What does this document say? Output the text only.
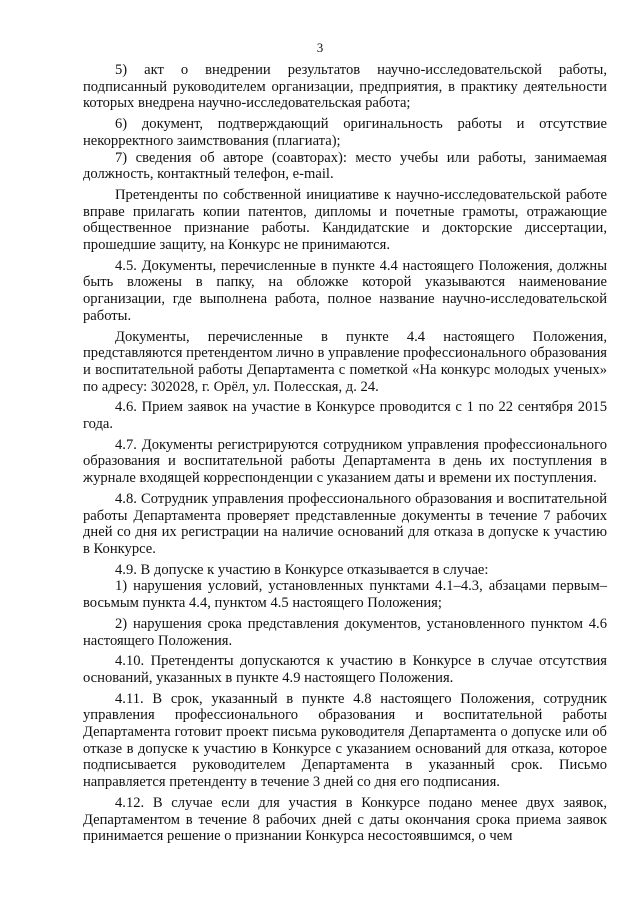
3

5) акт о внедрении результатов научно-исследовательской работы, подписанный руководителем организации, предприятия, в практику деятельности которых внедрена научно-исследовательская работа;

6) документ, подтверждающий оригинальность работы и отсутствие некорректного заимствования (плагиата);

7) сведения об авторе (соавторах): место учебы или работы, занимаемая должность, контактный телефон, e-mail.

Претенденты по собственной инициативе к научно-исследовательской работе вправе прилагать копии патентов, дипломы и почетные грамоты, отражающие общественное признание работы. Кандидатские и докторские диссертации, прошедшие защиту, на Конкурс не принимаются.

4.5. Документы, перечисленные в пункте 4.4 настоящего Положения, должны быть вложены в папку, на обложке которой указываются наименование организации, где выполнена работа, полное название научно-исследовательской работы.

Документы, перечисленные в пункте 4.4 настоящего Положения, представляются претендентом лично в управление профессионального образования и воспитательной работы Департамента с пометкой «На конкурс молодых ученых» по адресу: 302028, г. Орёл, ул. Полесская, д. 24.

4.6. Прием заявок на участие в Конкурсе проводится с 1 по 22 сентября 2015 года.

4.7. Документы регистрируются сотрудником управления профессионального образования и воспитательной работы Департамента в день их поступления в журнале входящей корреспонденции с указанием даты и времени их поступления.

4.8. Сотрудник управления профессионального образования и воспитательной работы Департамента проверяет представленные документы в течение 7 рабочих дней со дня их регистрации на наличие оснований для отказа в допуске к участию в Конкурсе.

4.9. В допуске к участию в Конкурсе отказывается в случае:

1) нарушения условий, установленных пунктами 4.1–4.3, абзацами первым–восьмым пункта 4.4, пунктом 4.5 настоящего Положения;

2) нарушения срока представления документов, установленного пунктом 4.6 настоящего Положения.

4.10. Претенденты допускаются к участию в Конкурсе в случае отсутствия оснований, указанных в пункте 4.9 настоящего Положения.

4.11. В срок, указанный в пункте 4.8 настоящего Положения, сотрудник управления профессионального образования и воспитательной работы Департамента готовит проект письма руководителя Департамента о допуске или об отказе в допуске к участию в Конкурсе с указанием оснований для отказа, которое подписывается руководителем Департамента в указанный срок. Письмо направляется претенденту в течение 3 дней со дня его подписания.

4.12. В случае если для участия в Конкурсе подано менее двух заявок, Департаментом в течение 8 рабочих дней с даты окончания срока приема заявок принимается решение о признании Конкурса несостоявшимся, о чем
